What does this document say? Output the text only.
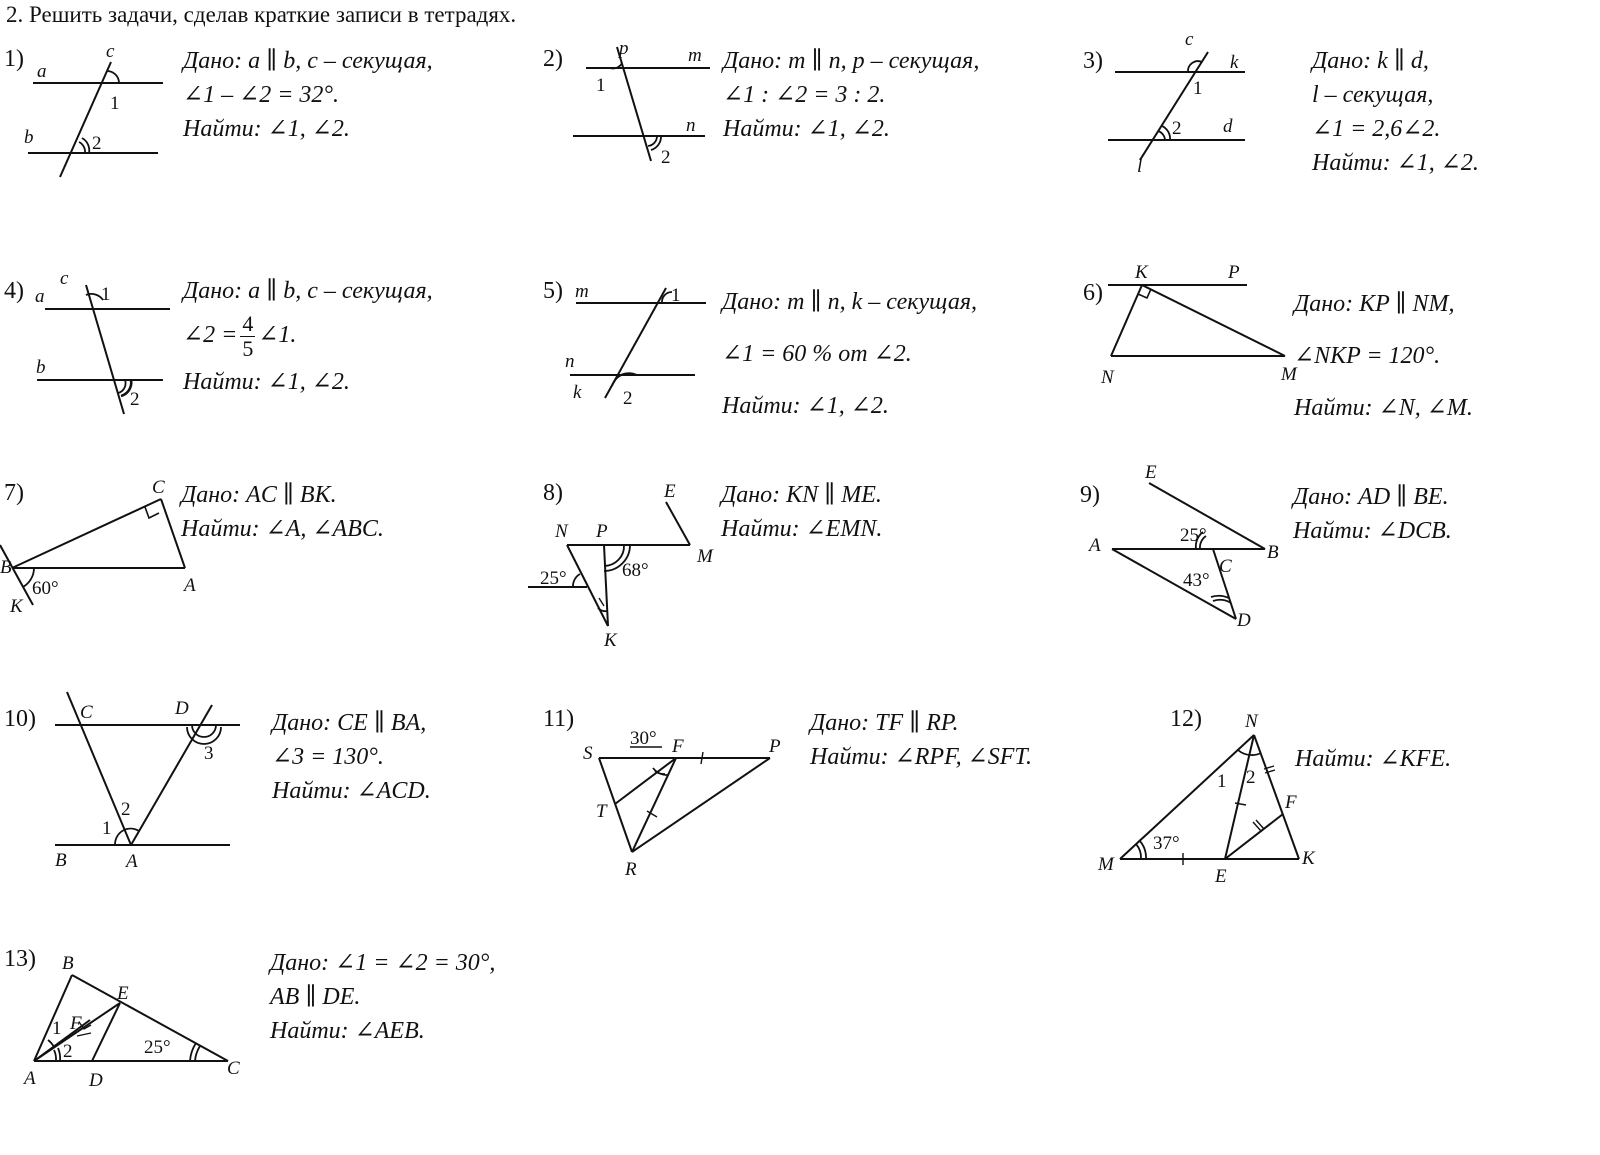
2. Решить задачи, сделав краткие записи в тетрадях.
1)	2)	3)
4)	5)	6)
7)	8)	9)
10)	11)	12)
13)
Дано: a ∥ b, c – секущая,
∠1 – ∠2 = 32°.
Найти: ∠1, ∠2.
Дано: m ∥ n, p – секущая,
∠1 : ∠2 = 3 : 2.
Найти: ∠1, ∠2.
Дано: k ∥ d,
l – секущая,
∠1 = 2,6∠2.
Найти: ∠1, ∠2.
Дано: a ∥ b, c – секущая,
∠2 = $\frac{4}{5}$ ∠1.
Найти: ∠1, ∠2.
Дано: m ∥ n, k – секущая,
∠1 = 60 % от ∠2.
Найти: ∠1, ∠2.
Дано: KP ∥ NM,
∠NKP = 120°.
Найти: ∠N, ∠M.
Дано: AC ∥ BK.
Найти: ∠A, ∠ABC.
Дано: KN ∥ ME.
Найти: ∠EMN.
Дано: AD ∥ BE.
Найти: ∠DCB.
Дано: CE ∥ BA,
∠3 = 130°.
Найти: ∠ACD.
Дано: TF ∥ RP.
Найти: ∠RPF, ∠SFT.	Найти: ∠KFE.
Дано: ∠1 = ∠2 = 30°,
AB ∥ DE.
Найти: ∠AEB.
a
c
b
1
2
p	m
n
1
2
c
k
d
l
1
2
a
c
b
1
2
m
n
k
1
2
K	P
N	M
C
B
A
K
60°
E
N P
M
K
25°	68°
E
A	B
C
D
25°
43°
C	D
B	A
1
2
3	S	F	P
T
R
30°
N
F
M
E
K
1 2
37°
B
E
F
A	D
C
1
2	25°
